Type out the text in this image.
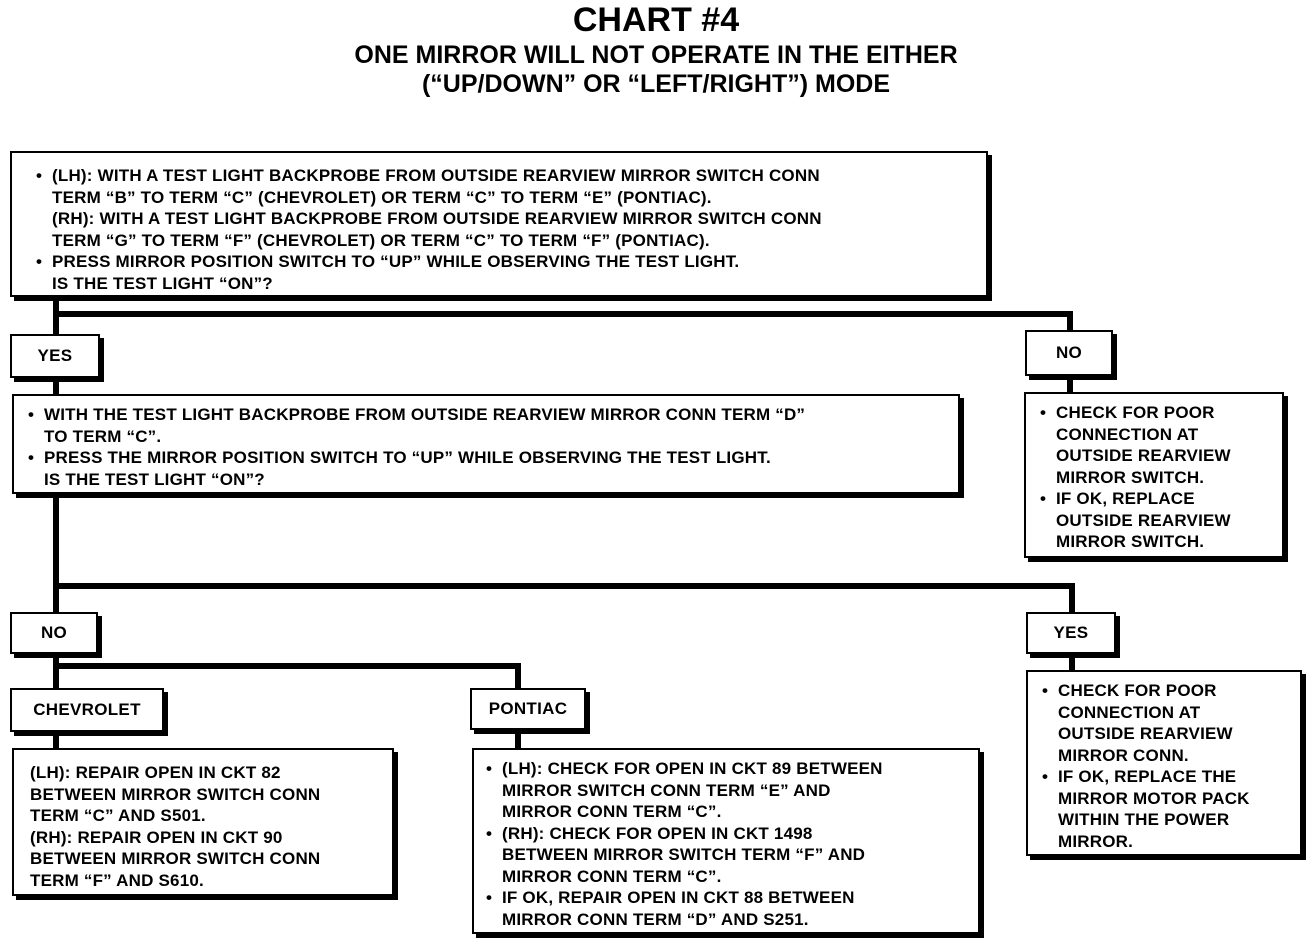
CHART #4
ONE MIRROR WILL NOT OPERATE IN THE EITHER
(“UP/DOWN” OR “LEFT/RIGHT”) MODE
• (LH): WITH A TEST LIGHT BACKPROBE FROM OUTSIDE REARVIEW MIRROR SWITCH CONN
TERM “B” TO TERM “C” (CHEVROLET) OR TERM “C” TO TERM “E” (PONTIAC).
(RH): WITH A TEST LIGHT BACKPROBE FROM OUTSIDE REARVIEW MIRROR SWITCH CONN
TERM “G” TO TERM “F” (CHEVROLET) OR TERM “C” TO TERM “F” (PONTIAC).
• PRESS MIRROR POSITION SWITCH TO “UP” WHILE OBSERVING THE TEST LIGHT.
IS THE TEST LIGHT “ON”?
YES	NO
• WITH THE TEST LIGHT BACKPROBE FROM OUTSIDE REARVIEW MIRROR CONN TERM “D”
TO TERM “C”.
• PRESS THE MIRROR POSITION SWITCH TO “UP” WHILE OBSERVING THE TEST LIGHT.
IS THE TEST LIGHT “ON”?
• CHECK FOR POOR
CONNECTION AT
OUTSIDE REARVIEW
MIRROR SWITCH.
• IF OK, REPLACE
OUTSIDE REARVIEW
MIRROR SWITCH.
NO	YES
CHEVROLET	PONTIAC
(LH): REPAIR OPEN IN CKT 82
BETWEEN MIRROR SWITCH CONN
TERM “C” AND S501.
(RH): REPAIR OPEN IN CKT 90
BETWEEN MIRROR SWITCH CONN
TERM “F” AND S610.
• (LH): CHECK FOR OPEN IN CKT 89 BETWEEN
MIRROR SWITCH CONN TERM “E” AND
MIRROR CONN TERM “C”.
• (RH): CHECK FOR OPEN IN CKT 1498
BETWEEN MIRROR SWITCH TERM “F” AND
MIRROR CONN TERM “C”.
• IF OK, REPAIR OPEN IN CKT 88 BETWEEN
MIRROR CONN TERM “D” AND S251.
• CHECK FOR POOR
CONNECTION AT
OUTSIDE REARVIEW
MIRROR CONN.
• IF OK, REPLACE THE
MIRROR MOTOR PACK
WITHIN THE POWER
MIRROR.
